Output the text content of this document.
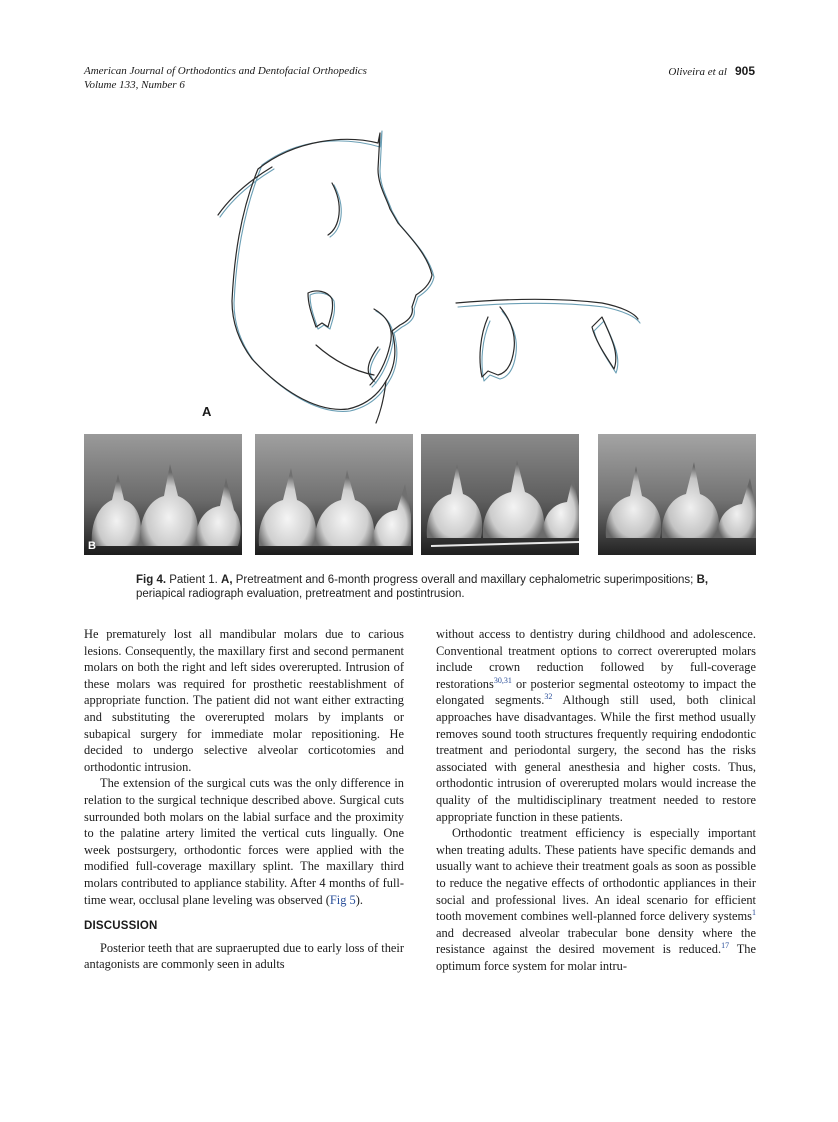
American Journal of Orthodontics and Dentofacial Orthopedics
Volume 133, Number 6
Oliveira et al 905
A
B
Fig 4. Patient 1. A, Pretreatment and 6-month progress overall and maxillary cephalometric superimpositions; B, periapical radiograph evaluation, pretreatment and postintrusion.

He prematurely lost all mandibular molars due to carious lesions. Consequently, the maxillary first and second permanent molars on both the right and left sides overerupted. Intrusion of these molars was required for prosthetic reestablishment of appropriate function. The patient did not want either extracting and substituting the overerupted molars by implants or subapical surgery for immediate molar repositioning. He decided to undergo selective alveolar corticotomies and orthodontic intrusion.

The extension of the surgical cuts was the only difference in relation to the surgical technique described above. Surgical cuts surrounded both molars on the labial surface and the proximity to the palatine artery limited the vertical cuts lingually. One week postsurgery, orthodontic forces were applied with the modified full-coverage maxillary splint. The maxillary third molars contributed to appliance stability. After 4 months of full-time wear, occlusal plane leveling was observed (Fig 5).

DISCUSSION

Posterior teeth that are supraerupted due to early loss of their antagonists are commonly seen in adults

without access to dentistry during childhood and adolescence. Conventional treatment options to correct overerupted molars include crown reduction followed by full-coverage restorations$^{30,31}$ or posterior segmental osteotomy to impact the elongated segments.$^{32}$ Although still used, both clinical approaches have disadvantages. While the first method usually removes sound tooth structures frequently requiring endodontic treatment and periodontal surgery, the second has the risks associated with general anesthesia and higher costs. Thus, orthodontic intrusion of overerupted molars would increase the quality of the multidisciplinary treatment needed to restore appropriate function in these patients.

Orthodontic treatment efficiency is especially important when treating adults. These patients have specific demands and usually want to achieve their treatment goals as soon as possible to reduce the negative effects of orthodontic appliances in their social and professional lives. An ideal scenario for efficient tooth movement combines well-planned force delivery systems$^1$ and decreased alveolar trabecular bone density where the resistance against the desired movement is reduced.$^{17}$ The optimum force system for molar intru-
